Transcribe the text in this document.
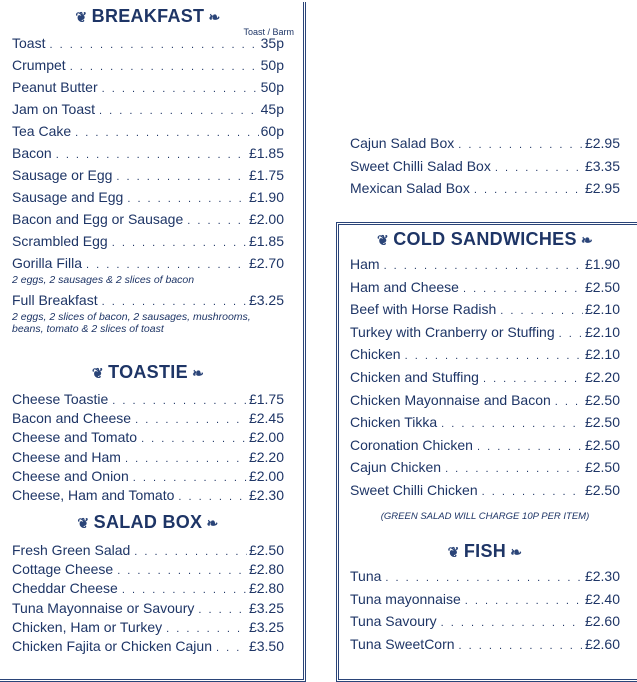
❦ BREAKFAST ❧
Toast / Barm
Toast . . .	35p
Crumpet . . .	50p
Peanut Butter . . .	50p
Jam on Toast . . .	45p
Tea Cake . . .	60p
Bacon . . .	£1.85
Sausage or Egg . . .	£1.75
Sausage and Egg . . .	£1.90
Bacon and Egg or Sausage . . .	£2.00
Scrambled Egg . . .	£1.85
Gorilla Filla . . .	£2.70
2 eggs, 2 sausages & 2 slices of bacon
Full Breakfast . . .	£3.25
2 eggs, 2 slices of bacon, 2 sausages, mushrooms, beans, tomato & 2 slices of toast
❦ TOASTIE ❧
Cheese Toastie . . .	£1.75
Bacon and Cheese . . .	£2.45
Cheese and Tomato . . .	£2.00
Cheese and Ham . . .	£2.20
Cheese and Onion . . .	£2.00
Cheese, Ham and Tomato . . .	£2.30
❦ SALAD BOX ❧
Fresh Green Salad . . .	£2.50
Cottage Cheese . . .	£2.80
Cheddar Cheese . . .	£2.80
Tuna Mayonnaise or Savoury . . .	£3.25
Chicken, Ham or Turkey . . .	£3.25
Chicken Fajita or Chicken Cajun . . .	£3.50
Cajun Salad Box . . .	£2.95
Sweet Chilli Salad Box . . .	£3.35
Mexican Salad Box . . .	£2.95
❦ COLD SANDWICHES ❧
Ham . . .	£1.90
Ham and Cheese . . .	£2.50
Beef with Horse Radish . . .	£2.10
Turkey with Cranberry or Stuffing . . . £2.10
Chicken . . .	£2.10
Chicken and Stuffing . . .	£2.20
Chicken Mayonnaise and Bacon . . . £2.50
Chicken Tikka . . .	£2.50
Coronation Chicken . . .	£2.50
Cajun Chicken . . .	£2.50
Sweet Chilli Chicken . . .	£2.50
(GREEN SALAD WILL CHARGE 10P PER ITEM)
❦ FISH ❧
Tuna . . .	£2.30
Tuna mayonnaise . . .	£2.40
Tuna Savoury . . .	£2.60
Tuna SweetCorn . . .	£2.60
